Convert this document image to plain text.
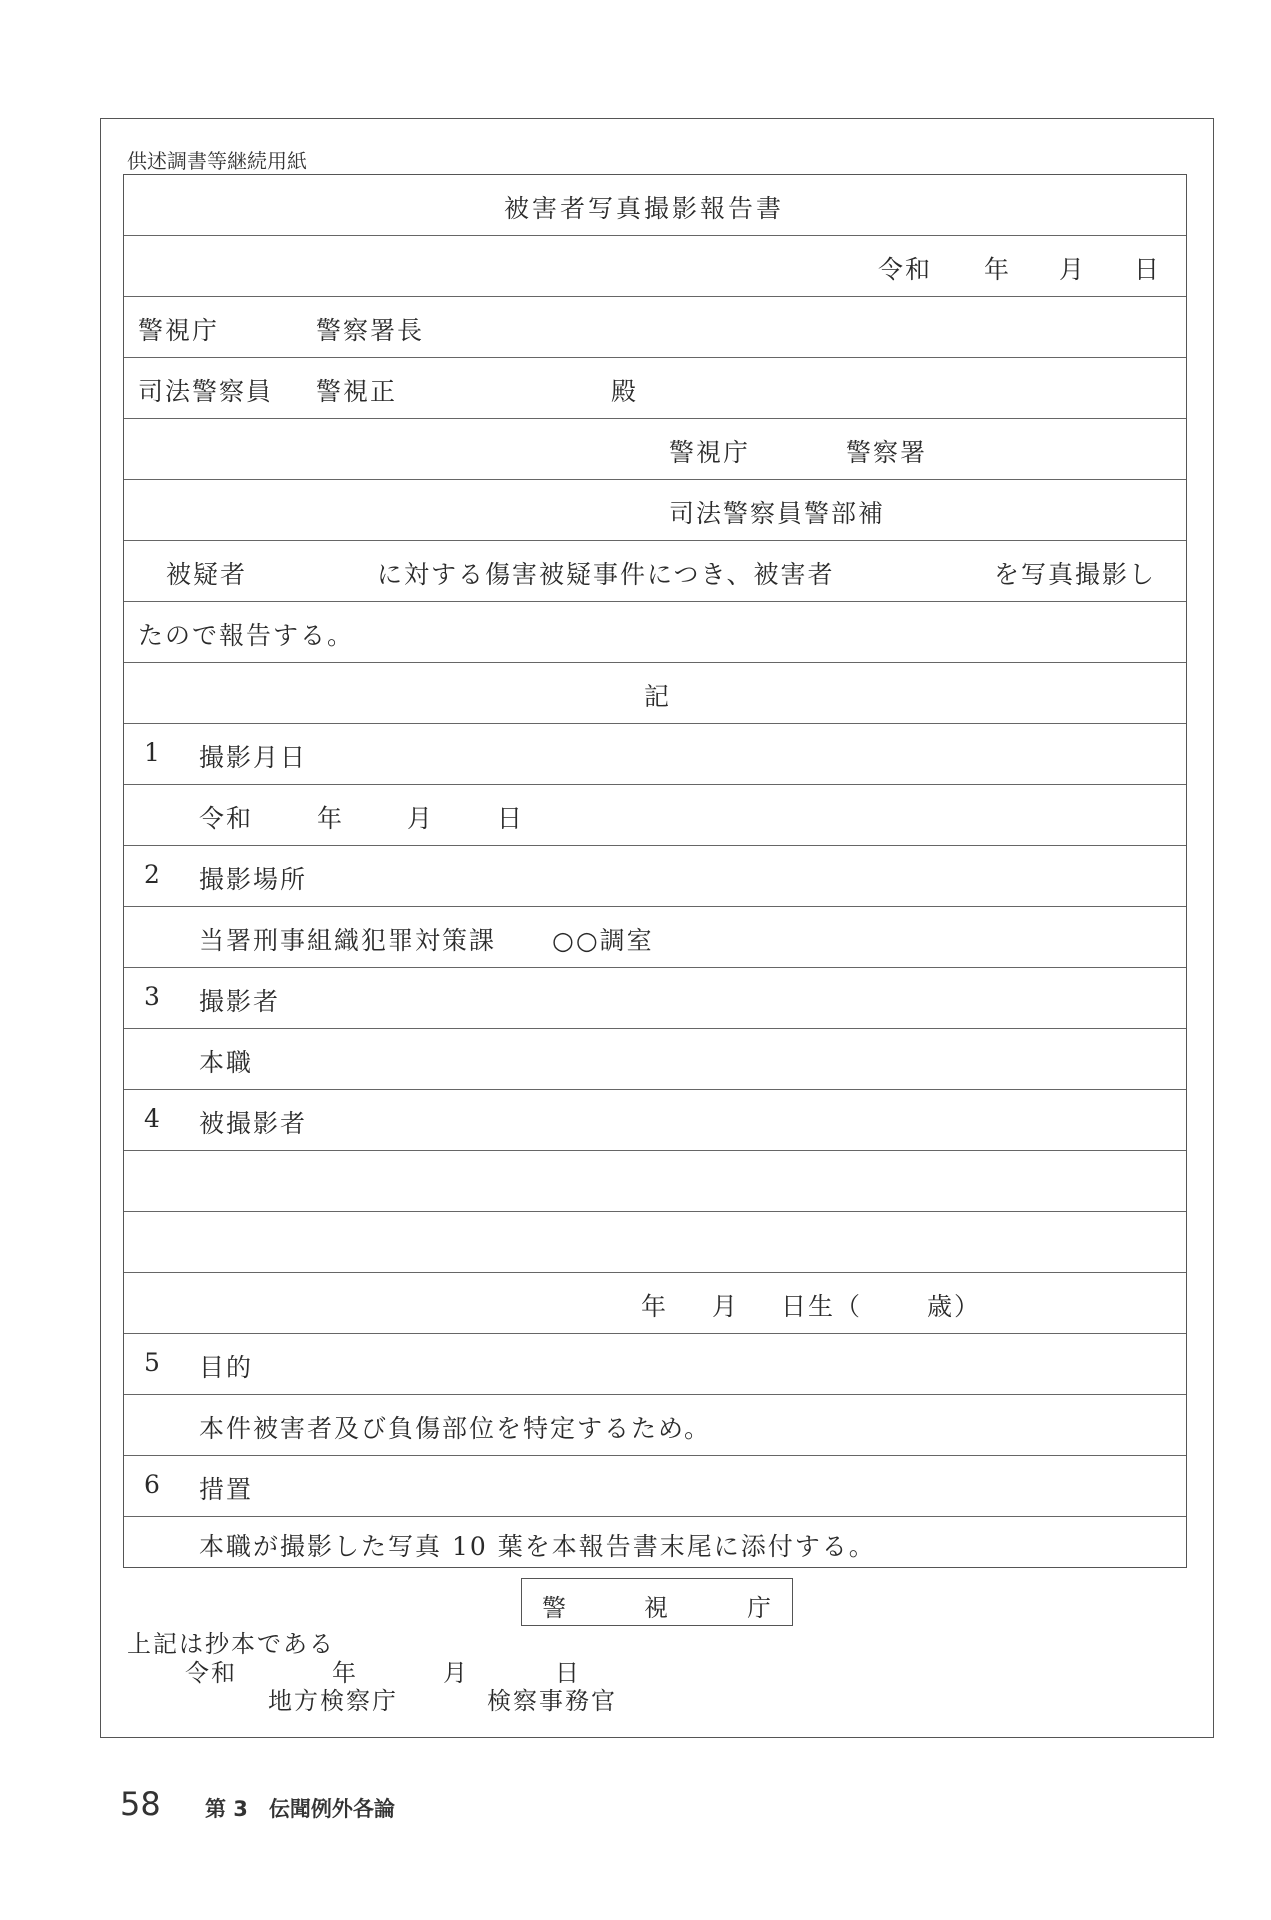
供述調書等継続用紙
被害者写真撮影報告書
令和 年 月 日
警視庁	警察署長
司法警察員 警視正	殿
警視庁	警察署
司法警察員警部補
被疑者	に対する傷害被疑事件につき、被害者	を写真撮影し
たので報告する。
記
1 撮影月日
令和	年	月	日
2 撮影場所
当署刑事組織犯罪対策課 ○○調室
3 撮影者
本職
4 被撮影者
年 月 日生（	歳）
5 目的
本件被害者及び負傷部位を特定するため。
6 措置
本職が撮影した写真 10 葉を本報告書末尾に添付する。
警	視	庁
上記は抄本である
令和	年	月	日
地方検察庁	検察事務官
58 第 3　伝聞例外各論
